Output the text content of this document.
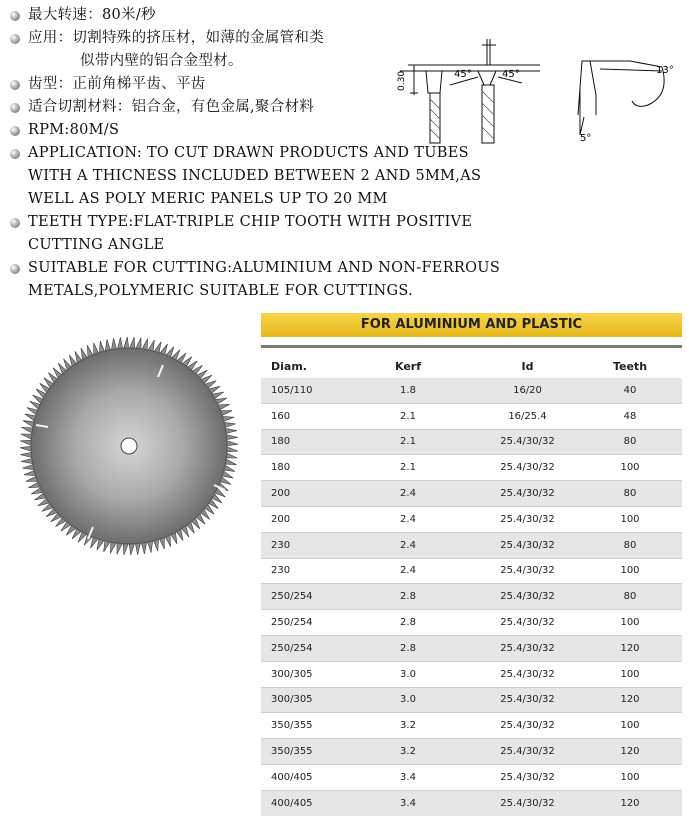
最大转速：80米/秒
应用：切割特殊的挤压材，如薄的金属管和类
似带内壁的铝合金型材。
齿型：正前角梯平齿、平齿
适合切割材料：铝合金，有色金属,聚合材料
RPM:80M/S
APPLICATION: TO CUT DRAWN PRODUCTS AND TUBES WITH A THICNESS INCLUDED BETWEEN 2 AND 5MM,AS WELL AS POLY MERIC PANELS UP TO 20 MM
TEETH TYPE:FLAT-TRIPLE CHIP TOOTH WITH POSITIVE CUTTING ANGLE
SUITABLE FOR CUTTING:ALUMINIUM AND NON-FERROUS METALS,POLYMERIC SUITABLE FOR CUTTINGS.
0.30	45°	45°	13°
5°
FOR ALUMINIUM AND PLASTIC
Diam.	Kerf	Id	Teeth
105/110	1.8	16/20	40
160	2.1	16/25.4	48
180	2.1	25.4/30/32	80
180	2.1	25.4/30/32	100
200	2.4	25.4/30/32	80
200	2.4	25.4/30/32	100
230	2.4	25.4/30/32	80
230	2.4	25.4/30/32	100
250/254	2.8	25.4/30/32	80
250/254	2.8	25.4/30/32	100
250/254	2.8	25.4/30/32	120
300/305	3.0	25.4/30/32	100
300/305	3.0	25.4/30/32	120
350/355	3.2	25.4/30/32	100
350/355	3.2	25.4/30/32	120
400/405	3.4	25.4/30/32	100
400/405	3.4	25.4/30/32	120
